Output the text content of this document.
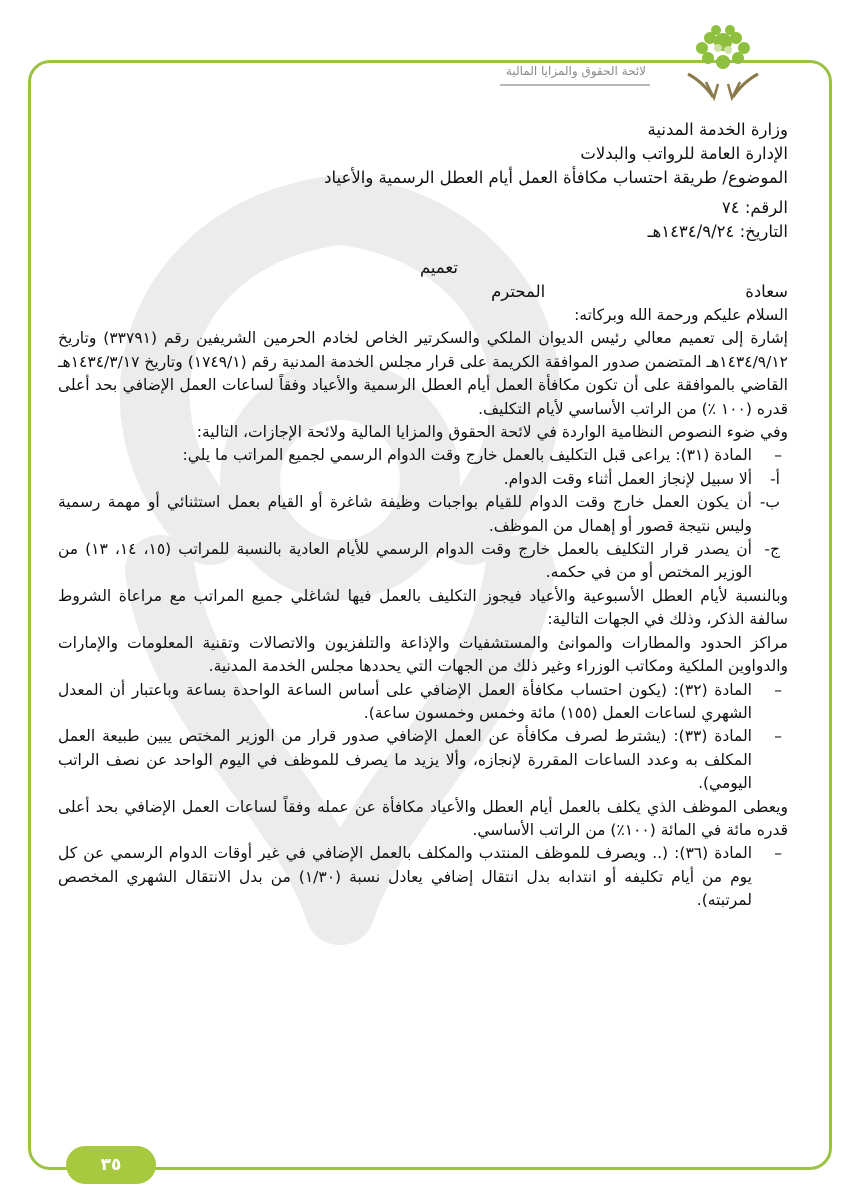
لائحة الحقوق والمزايا المالية

وزارة الخدمة المدنية

الإدارة العامة للرواتب والبدلات

الموضوع/ طريقة احتساب مكافأة العمل أيام العطل الرسمية والأعياد

الرقم: ٧٤

التاريخ: ١٤٣٤/٩/٢٤هـ

تعميم

سعادة
المحترم

السلام عليكم ورحمة الله وبركاته:

إشارة إلى تعميم معالي رئيس الديوان الملكي والسكرتير الخاص لخادم الحرمين الشريفين رقم (٣٣٧٩١) وتاريخ ١٤٣٤/٩/١٢هـ المتضمن صدور الموافقة الكريمة على قرار مجلس الخدمة المدنية رقم (١٧٤٩/١) وتاريخ ١٤٣٤/٣/١٧هـ القاضي بالموافقة على أن تكون مكافأة العمل أيام العطل الرسمية والأعياد وفقاً لساعات العمل الإضافي بحد أعلى قدره (١٠٠ ٪) من الراتب الأساسي لأيام التكليف.

وفي ضوء النصوص النظامية الواردة في لائحة الحقوق والمزايا المالية ولائحة الإجازات، التالية:

–
المادة (٣١): يراعى قبل التكليف بالعمل خارج وقت الدوام الرسمي لجميع المراتب ما يلي:
أ-
ألا سبيل لإنجاز العمل أثناء وقت الدوام.
ب-
أن يكون العمل خارج وقت الدوام للقيام بواجبات وظيفة شاغرة أو القيام بعمل استثنائي أو مهمة رسمية وليس نتيجة قصور أو إهمال من الموظف.
ج-
أن يصدر قرار التكليف بالعمل خارج وقت الدوام الرسمي للأيام العادية بالنسبة للمراتب (١٥، ١٤، ١٣) من الوزير المختص أو من في حكمه.

وبالنسبة لأيام العطل الأسبوعية والأعياد فيجوز التكليف بالعمل فيها لشاغلي جميع المراتب مع مراعاة الشروط سالفة الذكر، وذلك في الجهات التالية:

مراكز الحدود والمطارات والموانئ والمستشفيات والإذاعة والتلفزيون والاتصالات وتقنية المعلومات والإمارات والدواوين الملكية ومكاتب الوزراء وغير ذلك من الجهات التي يحددها مجلس الخدمة المدنية.

–
المادة (٣٢): (يكون احتساب مكافأة العمل الإضافي على أساس الساعة الواحدة بساعة وباعتبار أن المعدل الشهري لساعات العمل (١٥٥) مائة وخمس وخمسون ساعة).
–
المادة (٣٣): (يشترط لصرف مكافأة عن العمل الإضافي صدور قرار من الوزير المختص يبين طبيعة العمل المكلف به وعدد الساعات المقررة لإنجازه، وألا يزيد ما يصرف للموظف في اليوم الواحد عن نصف الراتب اليومي).

ويعطى الموظف الذي يكلف بالعمل أيام العطل والأعياد مكافأة عن عمله وفقاً لساعات العمل الإضافي بحد أعلى قدره مائة في المائة (١٠٠٪) من الراتب الأساسي.

–
المادة (٣٦): (.. ويصرف للموظف المنتدب والمكلف بالعمل الإضافي في غير أوقات الدوام الرسمي عن كل يوم من أيام تكليفه أو انتدابه بدل انتقال إضافي يعادل نسبة (١/٣٠) من بدل الانتقال الشهري المخصص لمرتبته).
٣٥
